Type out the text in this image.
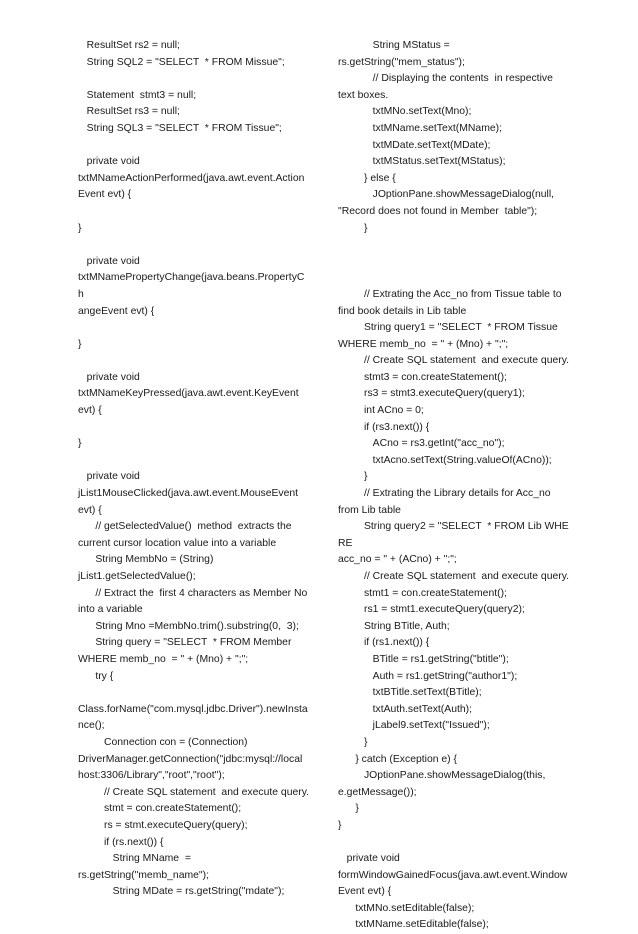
ResultSet rs2 = null;
String SQL2 = "SELECT  * FROM Missue";
Statement  stmt3 = null;
ResultSet rs3 = null;
String SQL3 = "SELECT  * FROM Tissue";
private void
txtMNameActionPerformed(java.awt.event.Action
Event evt) {
}
private void
txtMNamePropertyChange(java.beans.PropertyCh
angeEvent evt) {
}
private void
txtMNameKeyPressed(java.awt.event.KeyEvent
evt) {
}
private void
jList1MouseClicked(java.awt.event.MouseEvent
evt) {
// getSelectedValue()  method  extracts the
current cursor location value into a variable
String MembNo = (String)
jList1.getSelectedValue();
// Extract the  first 4 characters as Member No
into a variable
String Mno =MembNo.trim().substring(0,  3);
String query = "SELECT  * FROM Member
WHERE memb_no  = " + (Mno) + ";";
try {
Class.forName("com.mysql.jdbc.Driver").newInsta
nce();
Connection con = (Connection)
DriverManager.getConnection("jdbc:mysql://local
host:3306/Library","root","root");
// Create SQL statement  and execute query.
stmt = con.createStatement();
rs = stmt.executeQuery(query);
if (rs.next()) {
String MName  =
rs.getString("memb_name");
String MDate = rs.getString("mdate");
String MStatus =
rs.getString("mem_status");
// Displaying the contents  in respective
text boxes.
txtMNo.setText(Mno);
txtMName.setText(MName);
txtMDate.setText(MDate);
txtMStatus.setText(MStatus);
} else {
JOptionPane.showMessageDialog(null,
"Record does not found in Member  table");
}
// Extrating the Acc_no from Tissue table to
find book details in Lib table
String query1 = "SELECT  * FROM Tissue
WHERE memb_no  = " + (Mno) + ";";
// Create SQL statement  and execute query.
stmt3 = con.createStatement();
rs3 = stmt3.executeQuery(query1);
int ACno = 0;
if (rs3.next()) {
ACno = rs3.getInt("acc_no");
txtAcno.setText(String.valueOf(ACno));
}
// Extrating the Library details for Acc_no
from Lib table
String query2 = "SELECT  * FROM Lib WHERE
acc_no = " + (ACno) + ";";
// Create SQL statement  and execute query.
stmt1 = con.createStatement();
rs1 = stmt1.executeQuery(query2);
String BTitle, Auth;
if (rs1.next()) {
BTitle = rs1.getString("btitle");
Auth = rs1.getString("author1");
txtBTitle.setText(BTitle);
txtAuth.setText(Auth);
jLabel9.setText("Issued");
}
} catch (Exception e) {
JOptionPane.showMessageDialog(this,
e.getMessage());
}
}
private void
formWindowGainedFocus(java.awt.event.Window
Event evt) {
txtMNo.setEditable(false);
txtMName.setEditable(false);
